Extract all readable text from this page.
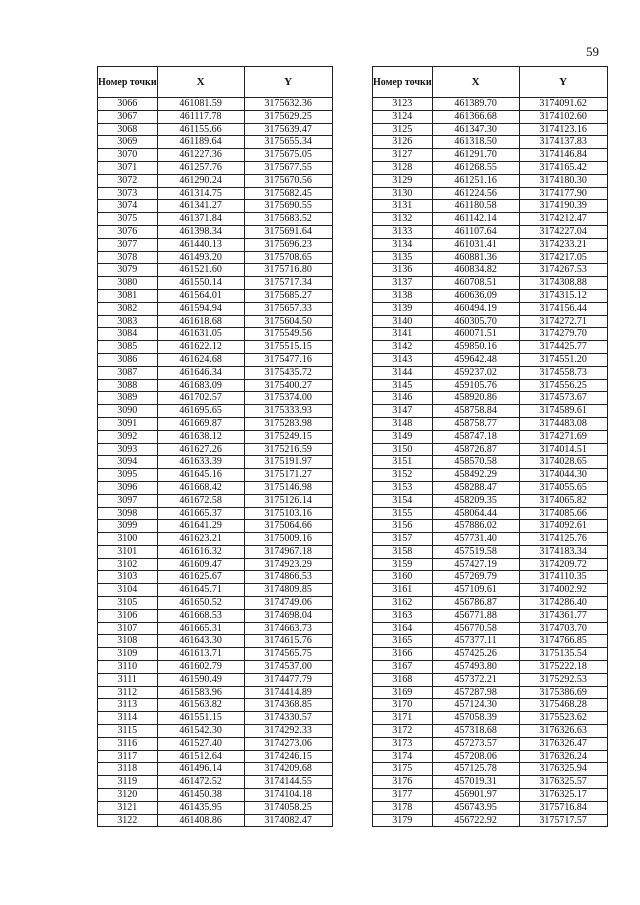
59
Номер точки	X	Y
3066	461081.59	3175632.36
3067	461117.78	3175629.25
3068	461155.66	3175639.47
3069	461189.64	3175655.34
3070	461227.36	3175675.05
3071	461257.76	3175677.55
3072	461290.24	3175670.56
3073	461314.75	3175682.45
3074	461341.27	3175690.55
3075	461371.84	3175683.52
3076	461398.34	3175691.64
3077	461440.13	3175696.23
3078	461493.20	3175708.65
3079	461521.60	3175716.80
3080	461550.14	3175717.34
3081	461564.01	3175685.27
3082	461594.94	3175657.33
3083	461618.68	3175604.50
3084	461631.05	3175549.56
3085	461622.12	3175515.15
3086	461624.68	3175477.16
3087	461646.34	3175435.72
3088	461683.09	3175400.27
3089	461702.57	3175374.00
3090	461695.65	3175333.93
3091	461669.87	3175283.98
3092	461638.12	3175249.15
3093	461627.26	3175216.59
3094	461633.39	3175191.97
3095	461645.16	3175171.27
3096	461668.42	3175146.98
3097	461672.58	3175126.14
3098	461665.37	3175103.16
3099	461641.29	3175064.66
3100	461623.21	3175009.16
3101	461616.32	3174967.18
3102	461609.47	3174923.29
3103	461625.67	3174866.53
3104	461645.71	3174809.85
3105	461650.52	3174749.06
3106	461668.53	3174698.04
3107	461665.31	3174663.73
3108	461643.30	3174615.76
3109	461613.71	3174565.75
3110	461602.79	3174537.00
3111	461590.49	3174477.79
3112	461583.96	3174414.89
3113	461563.82	3174368.85
3114	461551.15	3174330.57
3115	461542.30	3174292.33
3116	461527.40	3174273.06
3117	461512.64	3174246.15
3118	461496.14	3174209.68
3119	461472.52	3174144.55
3120	461450.38	3174104.18
3121	461435.95	3174058.25
3122	461408.86	3174082.47
Номер точки	X	Y
3123	461389.70	3174091.62
3124	461366.68	3174102.60
3125	461347.30	3174123.16
3126	461318.50	3174137.83
3127	461291.70	3174146.84
3128	461268.55	3174165.42
3129	461251.16	3174180.30
3130	461224.56	3174177.90
3131	461180.58	3174190.39
3132	461142.14	3174212.47
3133	461107.64	3174227.04
3134	461031.41	3174233.21
3135	460881.36	3174217.05
3136	460834.82	3174267.53
3137	460708.51	3174308.88
3138	460636.09	3174315.12
3139	460494.19	3174156.44
3140	460305.70	3174272.71
3141	460071.51	3174279.70
3142	459850.16	3174425.77
3143	459642.48	3174551.20
3144	459237.02	3174558.73
3145	459105.76	3174556.25
3146	458920.86	3174573.67
3147	458758.84	3174589.61
3148	458758.77	3174483.08
3149	458747.18	3174271.69
3150	458726.87	3174014.51
3151	458570.58	3174028.65
3152	458492.29	3174044.30
3153	458288.47	3174055.65
3154	458209.35	3174065.82
3155	458064.44	3174085.66
3156	457886.02	3174092.61
3157	457731.40	3174125.76
3158	457519.58	3174183.34
3159	457427.19	3174209.72
3160	457269.79	3174110.35
3161	457109.61	3174002.92
3162	456786.87	3174286.40
3163	456771.88	3174361.77
3164	456770.58	3174703.70
3165	457377.11	3174766.85
3166	457425.26	3175135.54
3167	457493.80	3175222.18
3168	457372.21	3175292.53
3169	457287.98	3175386.69
3170	457124.30	3175468.28
3171	457058.39	3175523.62
3172	457318.68	3176326.63
3173	457273.57	3176326.47
3174	457208.06	3176326.24
3175	457125.78	3176325.94
3176	457019.31	3176325.57
3177	456901.97	3176325.17
3178	456743.95	3175716.84
3179	456722.92	3175717.57
